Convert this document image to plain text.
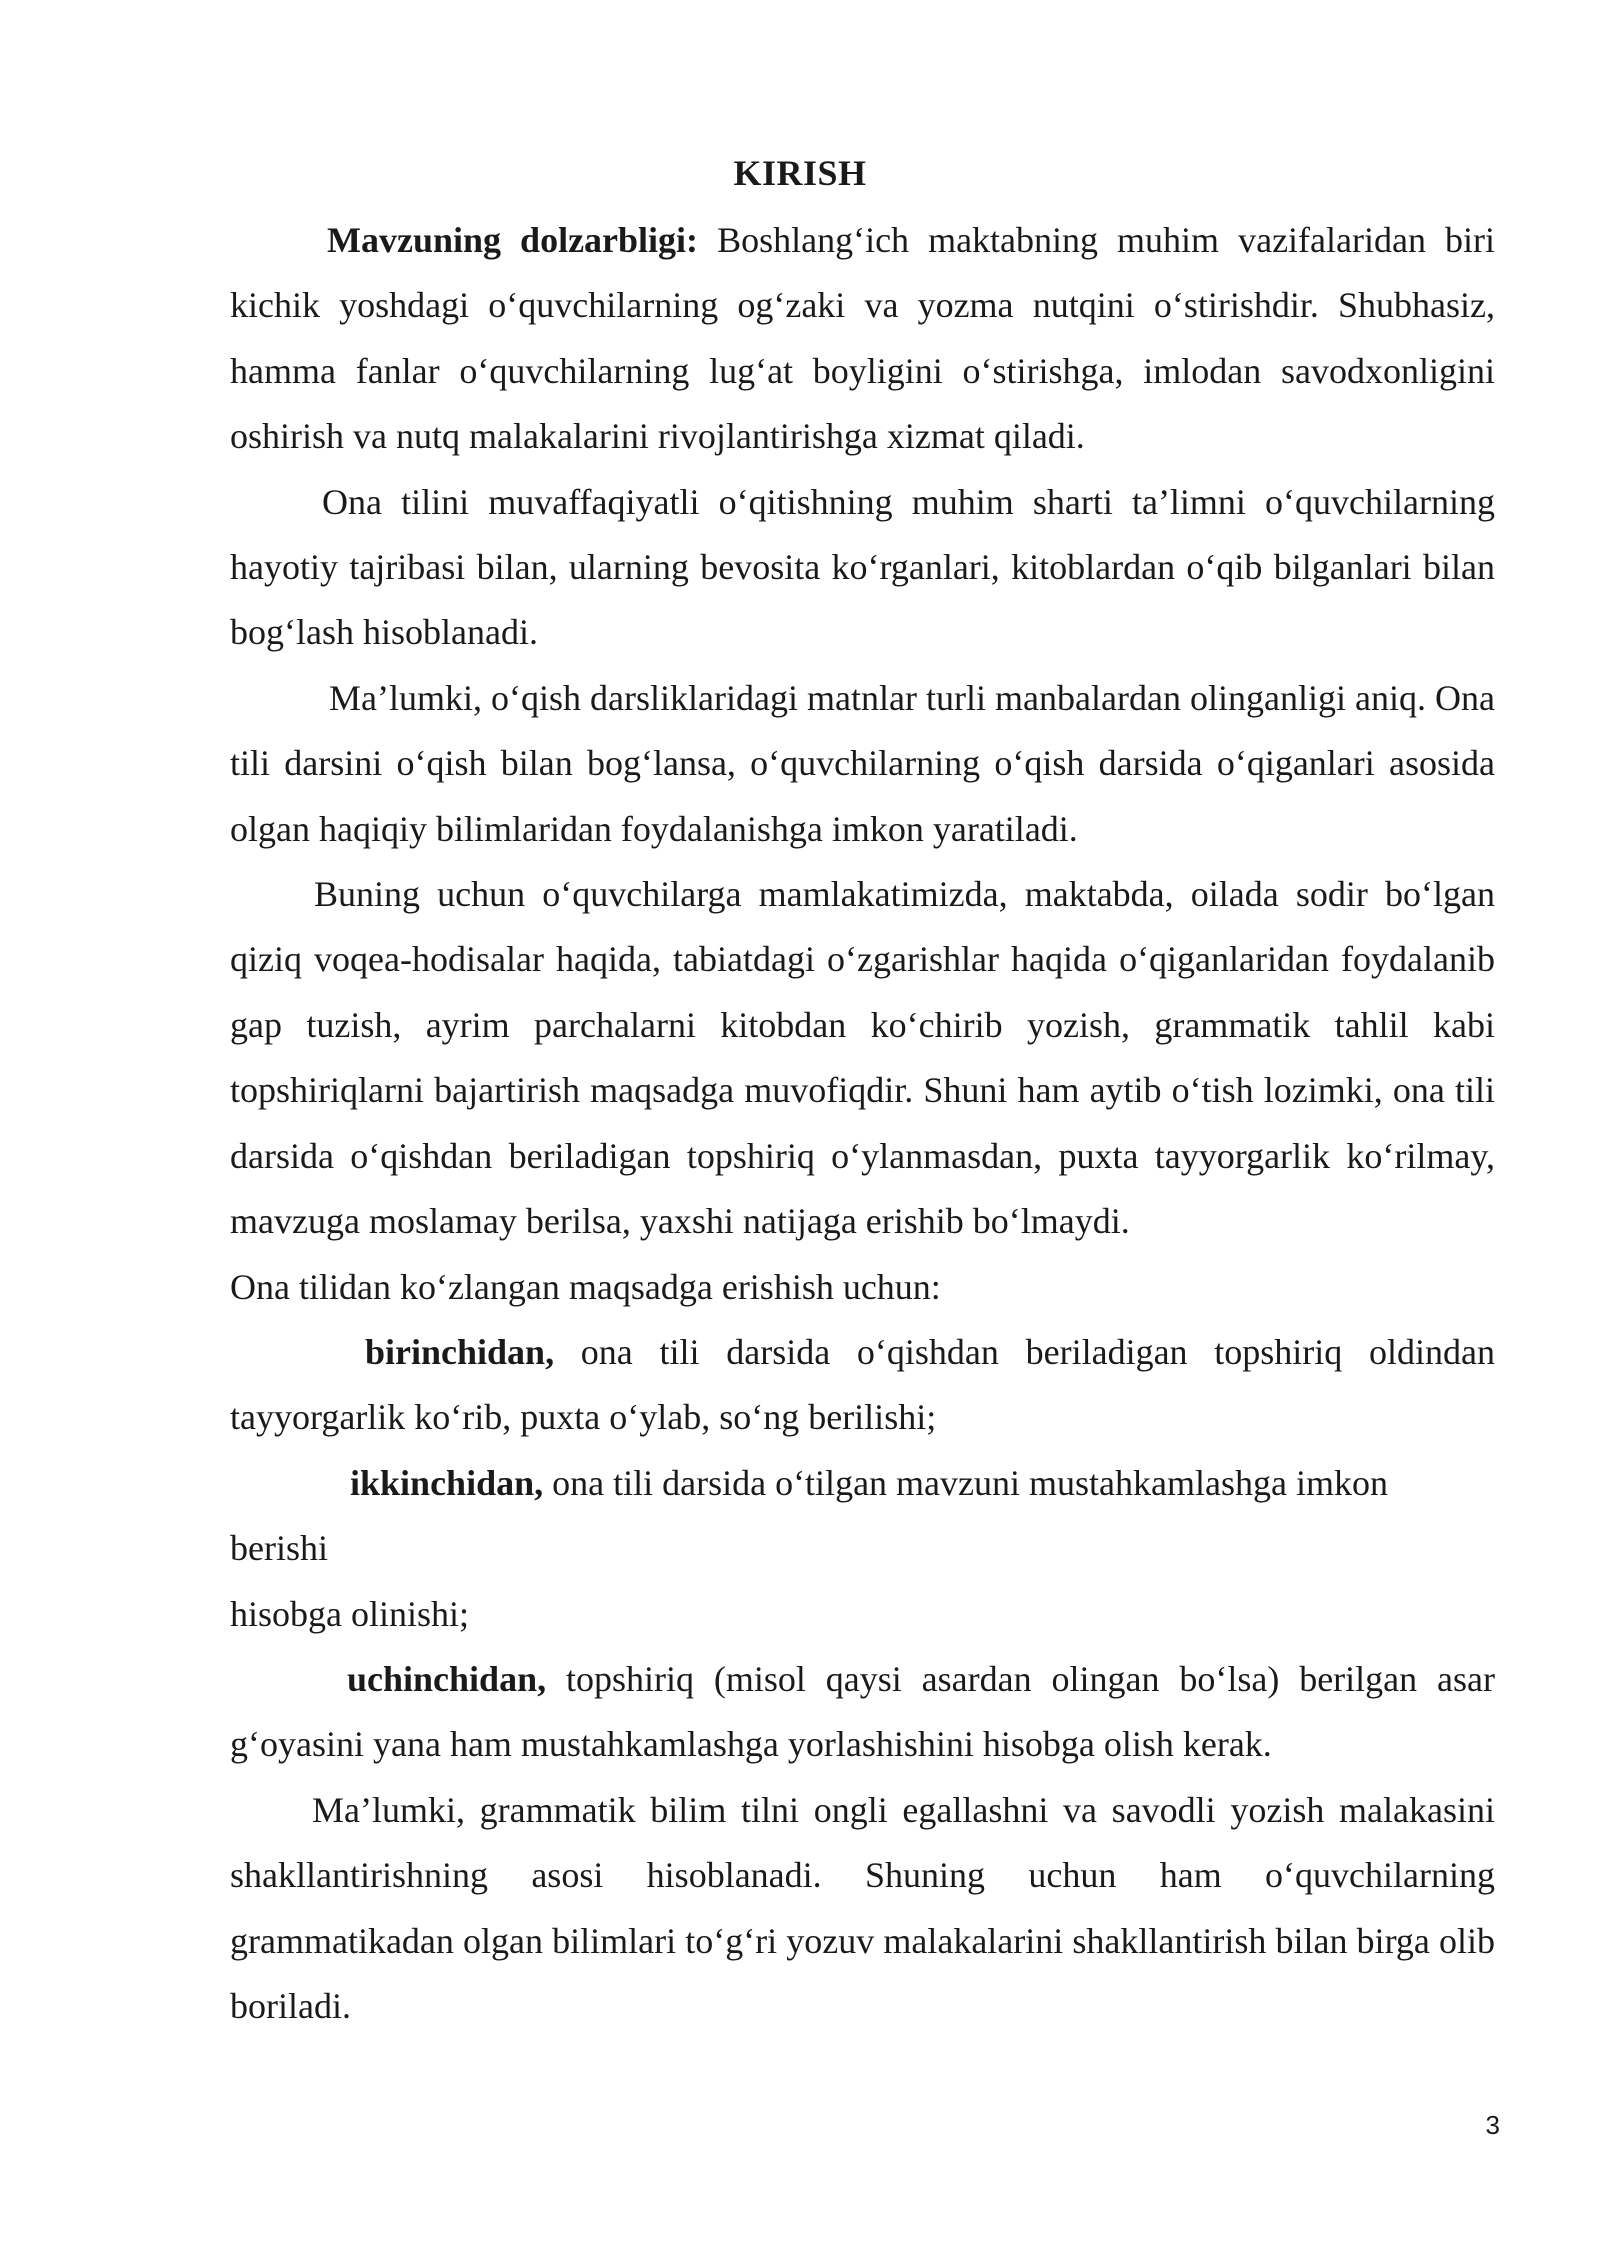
KIRISH

Mavzuning dolzarbligi: Boshlang‘ich maktabning muhim vazifalaridan biri kichik yoshdagi o‘quvchilarning og‘zaki va yozma nutqini o‘stirishdir. Shubhasiz, hamma fanlar o‘quvchilarning lug‘at boyligini o‘stirishga, imlodan savodxonligini oshirish va nutq malakalarini rivojlantirishga xizmat qiladi.

Ona tilini muvaffaqiyatli o‘qitishning muhim sharti ta’limni o‘quvchilarning hayotiy tajribasi bilan, ularning bevosita ko‘rganlari, kitoblardan o‘qib bilganlari bilan bog‘lash hisoblanadi.

Ma’lumki, o‘qish darsliklaridagi matnlar turli manbalardan olinganligi aniq. Ona tili darsini o‘qish bilan bog‘lansa, o‘quvchilarning o‘qish darsida o‘qiganlari asosida olgan haqiqiy bilimlaridan foydalanishga imkon yaratiladi.

Buning uchun o‘quvchilarga mamlakatimizda, maktabda, oilada sodir bo‘lgan qiziq voqea-hodisalar haqida, tabiatdagi o‘zgarishlar haqida o‘qiganlaridan foydalanib gap tuzish, ayrim parchalarni kitobdan ko‘chirib yozish, grammatik tahlil kabi topshiriqlarni bajartirish maqsadga muvofiqdir. Shuni ham aytib o‘tish lozimki, ona tili darsida o‘qishdan beriladigan topshiriq o‘ylanmasdan, puxta tayyorgarlik ko‘rilmay, mavzuga moslamay berilsa, yaxshi natijaga erishib bo‘lmaydi.

Ona tilidan ko‘zlangan maqsadga erishish uchun:

birinchidan, ona tili darsida o‘qishdan beriladigan topshiriq oldindan tayyorgarlik ko‘rib, puxta o‘ylab, so‘ng berilishi;

ikkinchidan, ona tili darsida o‘tilgan mavzuni mustahkamlashga imkon

berishi

hisobga olinishi;

uchinchidan, topshiriq (misol qaysi asardan olingan bo‘lsa) berilgan asar g‘oyasini yana ham mustahkamlashga yorlashishini hisobga olish kerak.

Ma’lumki, grammatik bilim tilni ongli egallashni va savodli yozish malakasini shakllantirishning asosi hisoblanadi. Shuning uchun ham o‘quvchilarning grammatikadan olgan bilimlari to‘g‘ri yozuv malakalarini shakllantirish bilan birga olib boriladi.

3
